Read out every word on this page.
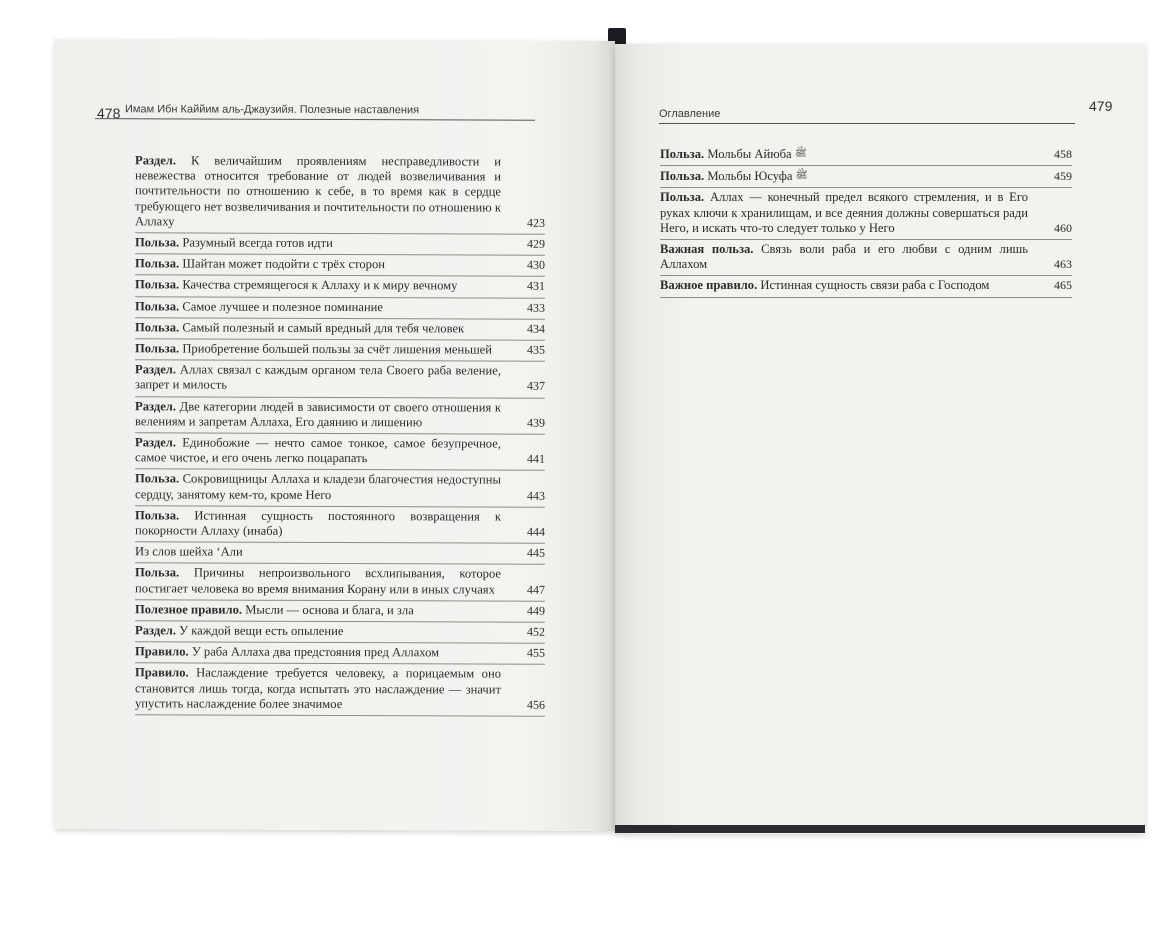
478 Имам Ибн Каййим аль-Джаузийя. Полезные наставления
Раздел. К величайшим проявлениям несправедливости и невежества относится требование от людей возвеличивания и почтительности по отношению к себе, в то время как в сердце требующего нет возвеличивания и почтительности по отношению к Аллаху	423
Польза. Разумный всегда готов идти	429
Польза. Шайтан может подойти с трёх сторон	430
Польза. Качества стремящегося к Аллаху и к миру вечному	431
Польза. Самое лучшее и полезное поминание	433
Польза. Самый полезный и самый вредный для тебя человек	434
Польза. Приобретение большей пользы за счёт лишения меньшей	435
Раздел. Аллах связал с каждым органом тела Своего раба веление, запрет и милость	437
Раздел. Две категории людей в зависимости от своего отношения к велениям и запретам Аллаха, Его даянию и лишению	439
Раздел. Единобожие — нечто самое тонкое, самое безупречное, самое чистое, и его очень легко поцарапать	441
Польза. Сокровищницы Аллаха и кладези благочестия недоступны сердцу, занятому кем-то, кроме Него	443
Польза. Истинная сущность постоянного возвращения к покорности Аллаху (инаба)	444
Из слов шейха ‘Али	445
Польза. Причины непроизвольного всхлипывания, которое постигает человека во время внимания Корану или в иных случаях	447
Полезное правило. Мысли — основа и блага, и зла	449
Раздел. У каждой вещи есть опыление	452
Правило. У раба Аллаха два предстояния пред Аллахом	455
Правило. Наслаждение требуется человеку, а порицаемым оно становится лишь тогда, когда испытать это наслаждение — значит упустить наслаждение более значимое	456
Оглавление	479
Польза. Мольбы Айюба ﷺ	458
Польза. Мольбы Юсуфа ﷺ	459
Польза. Аллах — конечный предел всякого стремления, и в Его руках ключи к хранилищам, и все деяния должны совершаться ради Него, и искать что-то следует только у Него	460
Важная польза. Связь воли раба и его любви с одним лишь Аллахом	463
Важное правило. Истинная сущность связи раба с Господом	465
